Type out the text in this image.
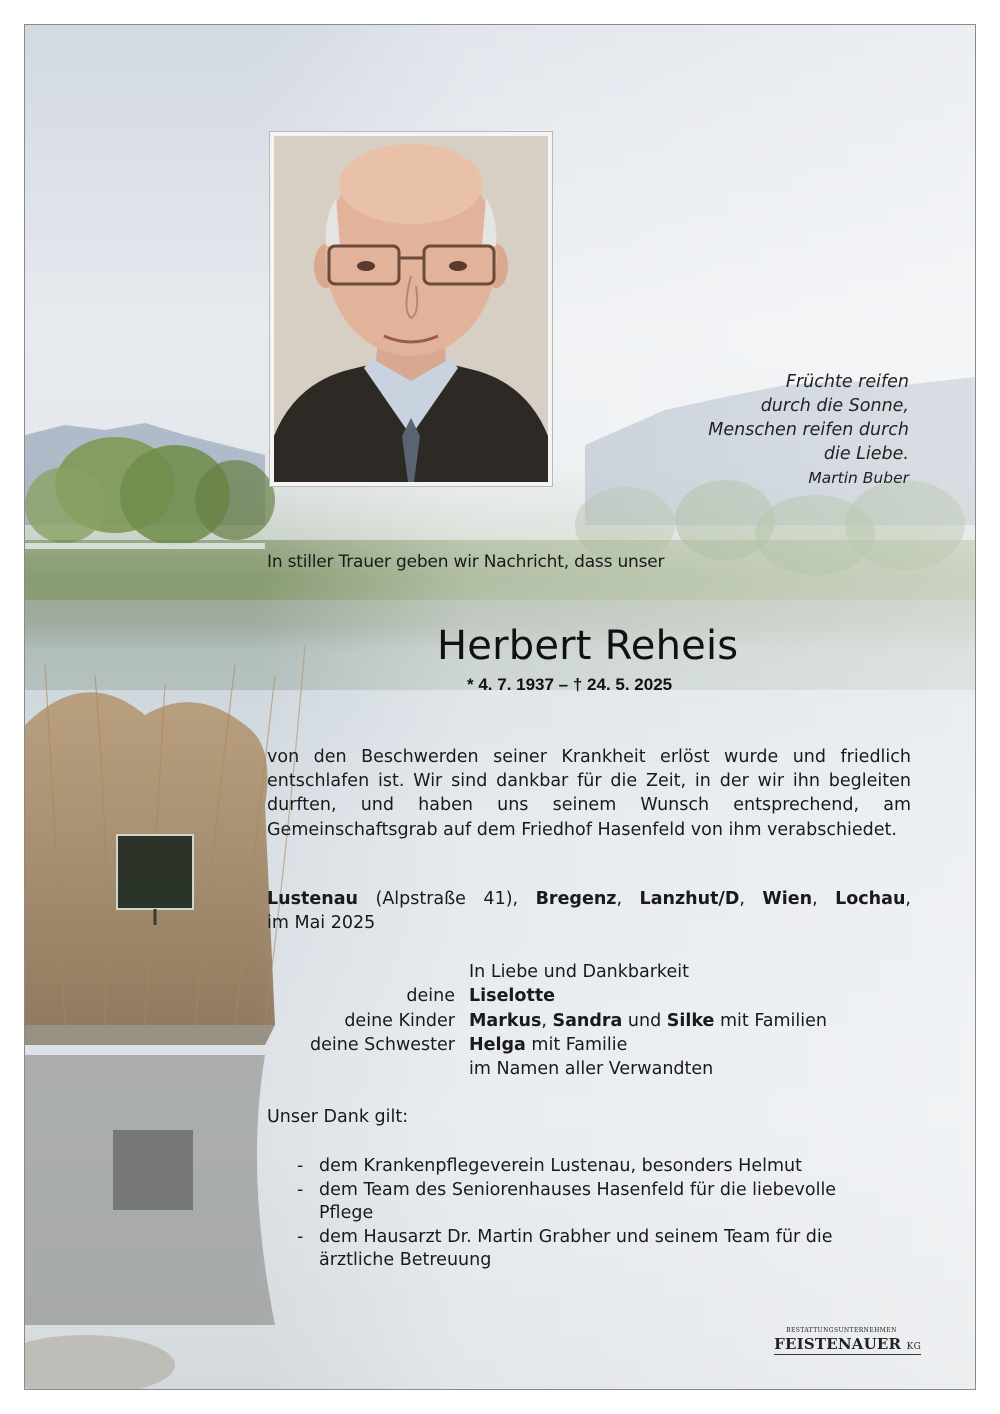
Früchte reifen
durch die Sonne,
Menschen reifen durch
die Liebe.
Martin Buber
In stiller Trauer geben wir Nachricht, dass unser
Herbert Reheis
* 4. 7. 1937 – † 24. 5. 2025
von den Beschwerden seiner Krankheit erlöst wurde und friedlich entschlafen ist. Wir sind dankbar für die Zeit, in der wir ihn begleiten durften, und haben uns seinem Wunsch entsprechend, am Gemeinschaftsgrab auf dem Friedhof Hasenfeld von ihm verabschiedet.
Lustenau (Alpstraße 41), Bregenz, Lanzhut/D, Wien, Lochau,
im Mai 2025
In Liebe und Dankbarkeit
deine Liselotte
deine Kinder Markus, Sandra und Silke mit Familien
deine Schwester Helga mit Familie
im Namen aller Verwandten
Unser Dank gilt:
- dem Krankenpflegeverein Lustenau, besonders Helmut
- dem Team des Seniorenhauses Hasenfeld für die liebevolle Pflege
- dem Hausarzt Dr. Martin Grabher und seinem Team für die ärztliche Betreuung
BESTATTUNGSUNTERNEHMEN
FEISTENAUER KG
